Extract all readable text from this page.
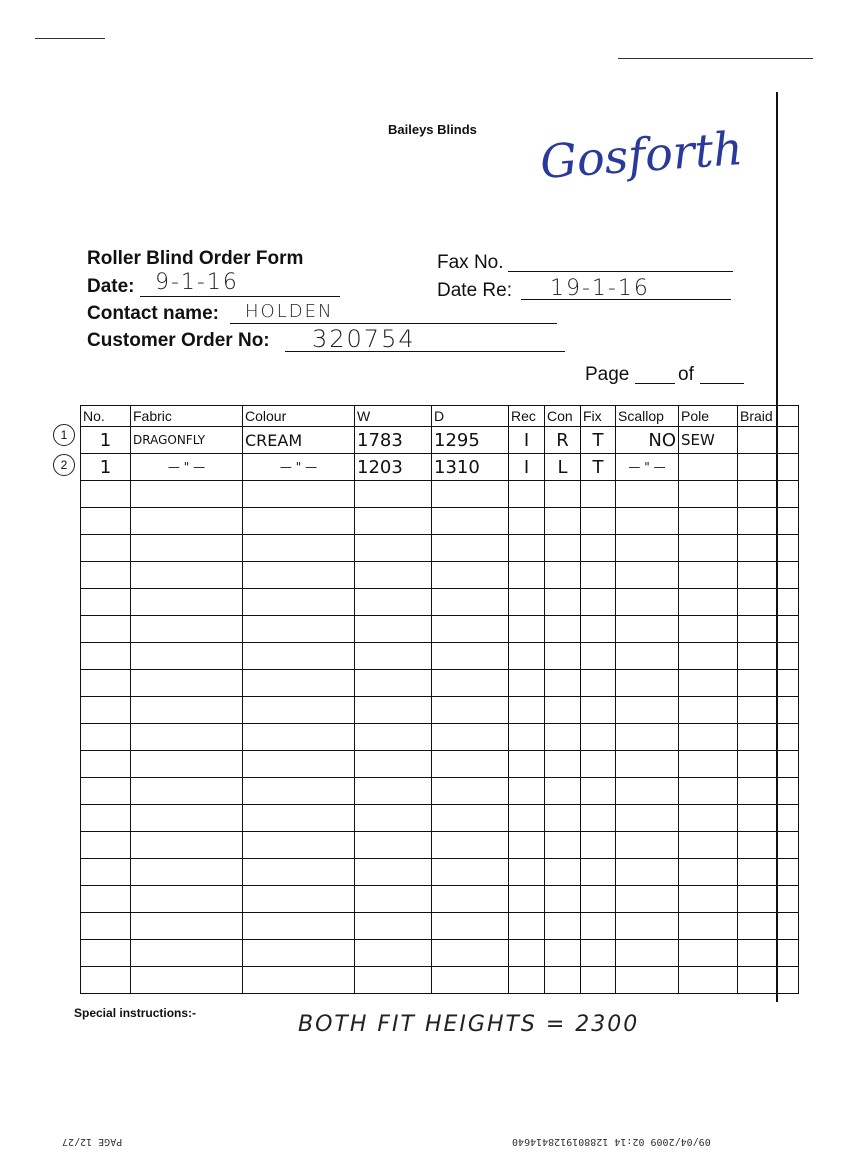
Baileys Blinds Gosforth
Roller Blind Order Form
Date: 9-1-16
Contact name: HOLDEN
Customer Order No: 320754
Fax No.
Date Re: 19-1-16
Page	of
1
2
No.	Fabric	Colour	W	D	Rec	Con	Fix	Scallop	Pole	Braid
1	DRAGONFLY	CREAM	1783	1295	I	R	T	NO	SEW	
1	— " —	— " —	1203	1310	I	L	T	— " —		

Special instructions:-	BOTH FIT HEIGHTS = 2300
PAGE 12/27	09/04/2009 02:14 1288019128414640
